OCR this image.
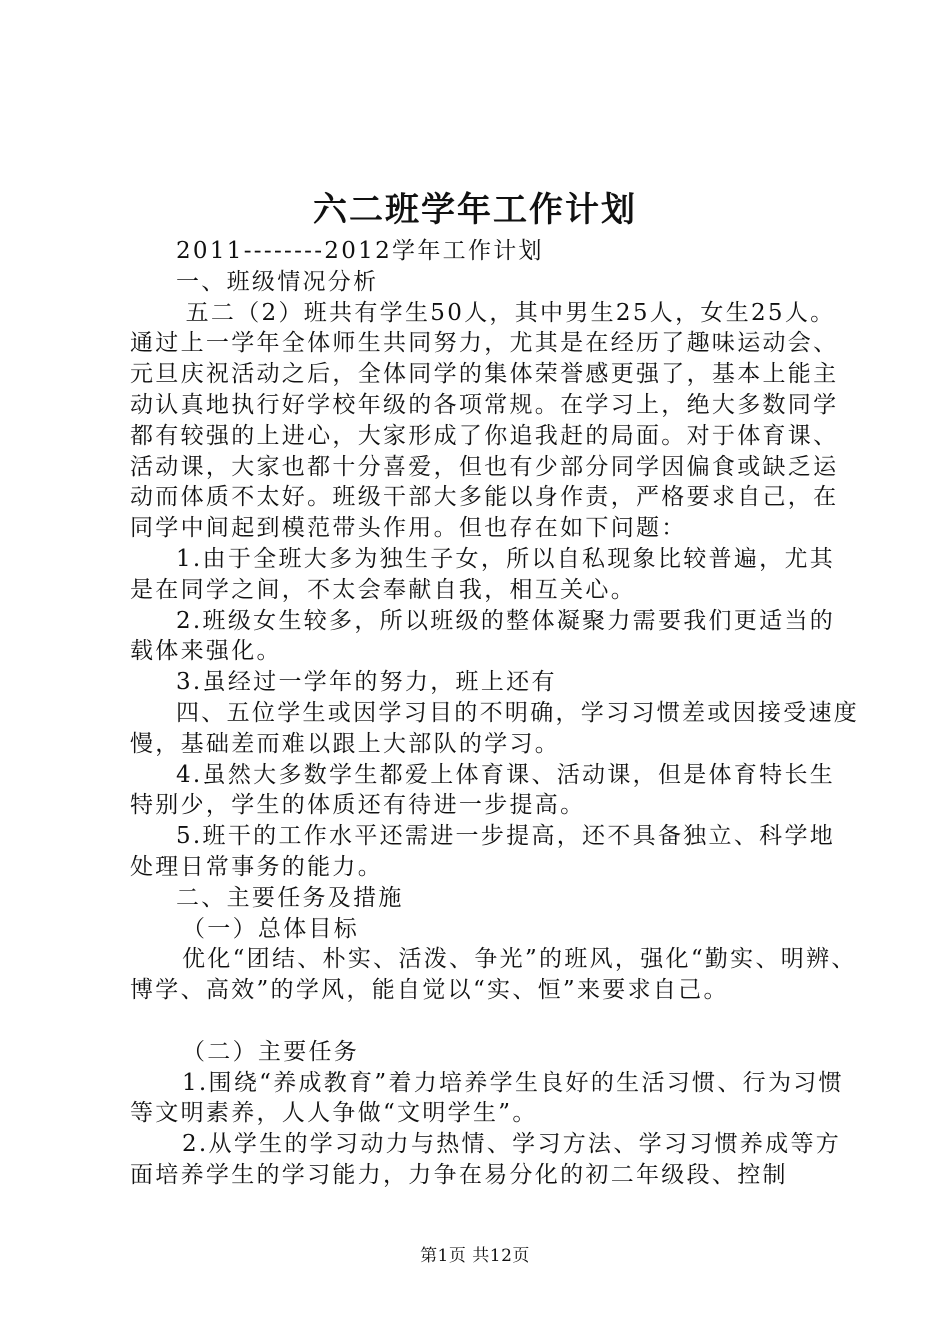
六二班学年工作计划

2011--------2012学年工作计划

一、班级情况分析

五二（2）班共有学生50人，其中男生25人，女生25人。通过上一学年全体师生共同努力，尤其是在经历了趣味运动会、元旦庆祝活动之后，全体同学的集体荣誉感更强了，基本上能主动认真地执行好学校年级的各项常规。在学习上，绝大多数同学都有较强的上进心，大家形成了你追我赶的局面。对于体育课、活动课，大家也都十分喜爱，但也有少部分同学因偏食或缺乏运动而体质不太好。班级干部大多能以身作责，严格要求自己，在同学中间起到模范带头作用。但也存在如下问题：

1.由于全班大多为独生子女，所以自私现象比较普遍，尤其是在同学之间，不太会奉献自我，相互关心。

2.班级女生较多，所以班级的整体凝聚力需要我们更适当的载体来强化。

3.虽经过一学年的努力，班上还有

四、五位学生或因学习目的不明确，学习习惯差或因接受速度慢，基础差而难以跟上大部队的学习。

4.虽然大多数学生都爱上体育课、活动课，但是体育特长生特别少，学生的体质还有待进一步提高。

5.班干的工作水平还需进一步提高，还不具备独立、科学地处理日常事务的能力。

二、主要任务及措施

（一）总体目标

优化“团结、朴实、活泼、争光”的班风，强化“勤实、明辨、博学、高效”的学风，能自觉以“实、恒”来要求自己。

（二）主要任务

1.围绕“养成教育”着力培养学生良好的生活习惯、行为习惯等文明素养，人人争做“文明学生”。

2.从学生的学习动力与热情、学习方法、学习习惯养成等方面培养学生的学习能力，力争在易分化的初二年级段、控制

第1页 共12页
